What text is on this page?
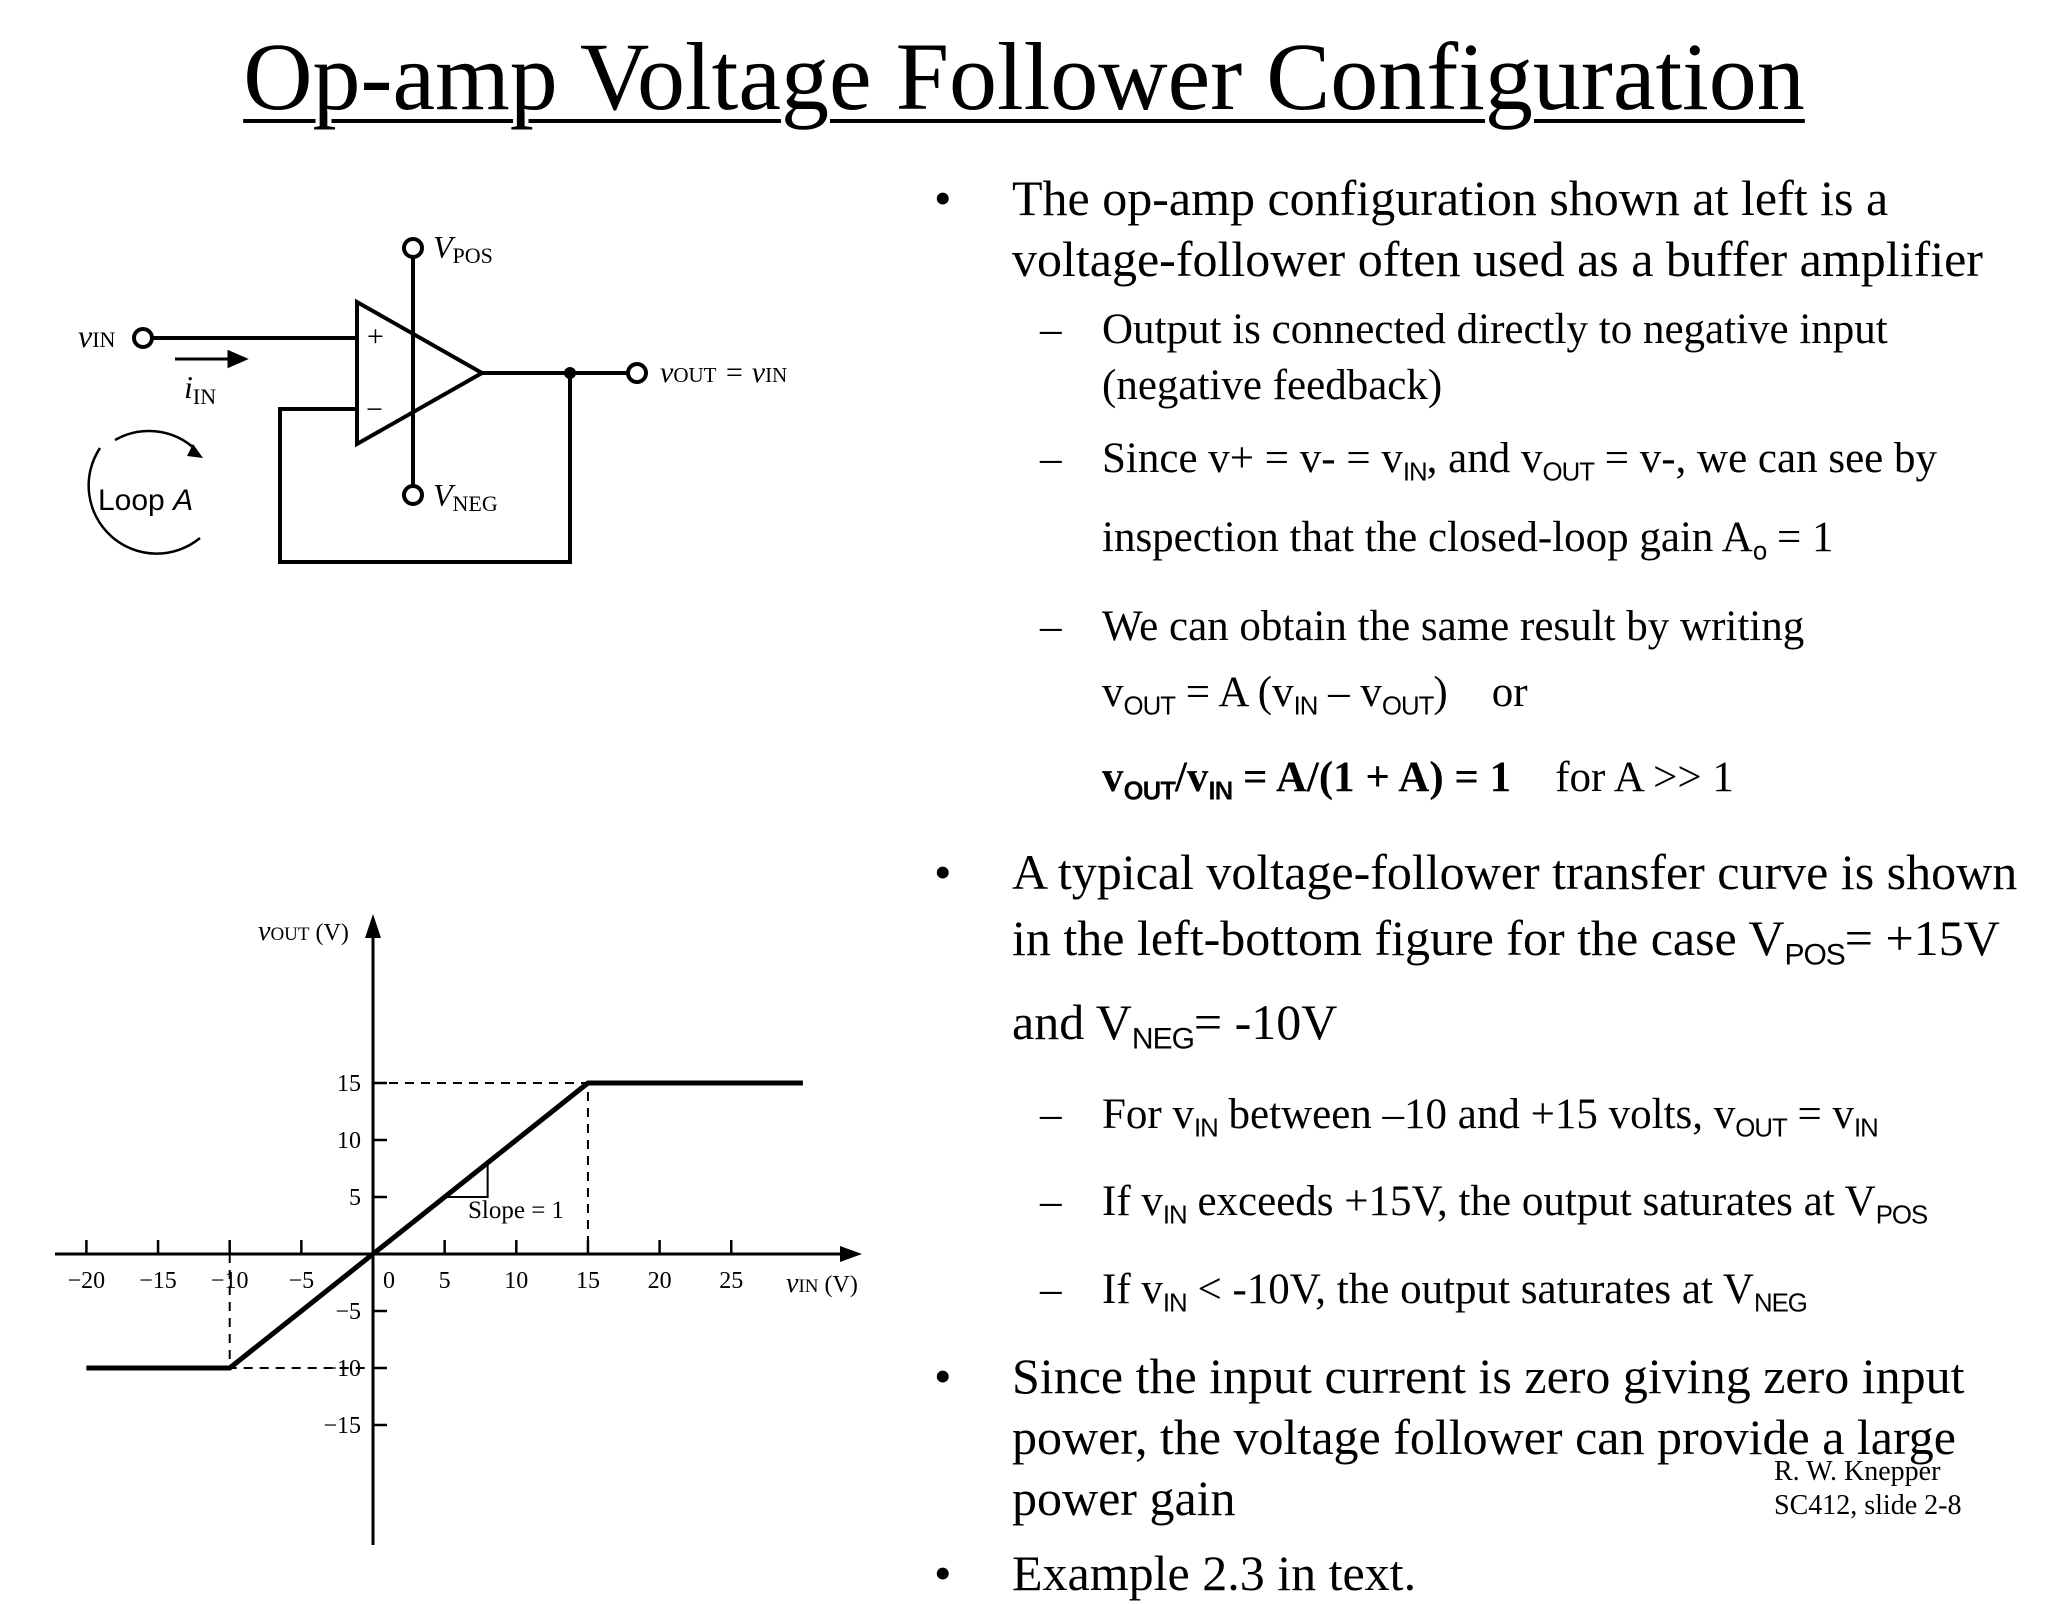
Op-amp Voltage Follower Configuration
+
−
vIN
iIN
VPOS
VNEG
vOUT = vIN
Loop A
−20 −15 −10 −5	0 5 10 15 20 25
15
10
5
−5
−10
−15
vOUT (V)
vIN (V)
Slope = 1
• The op-amp configuration shown at left is a voltage-follower often used as a buffer amplifier
– Output is connected directly to negative input (negative feedback)
– Since v+ = v- = vIN, and vOUT = v-, we can see by inspection that the closed-loop gain Ao = 1
– We can obtain the same result by writing
vOUT = A (vIN – vOUT) or
vOUT/vIN = A/(1 + A) = 1 for A >> 1
• A typical voltage-follower transfer curve is shown in the left-bottom figure for the case VPOS= +15V and VNEG= -10V
– For vIN between –10 and +15 volts, vOUT = vIN
– If vIN exceeds +15V, the output saturates at VPOS
– If vIN < -10V, the output saturates at VNEG
• Since the input current is zero giving zero input power, the voltage follower can provide a large power gain
• Example 2.3 in text.
R. W. Knepper
SC412, slide 2-8
